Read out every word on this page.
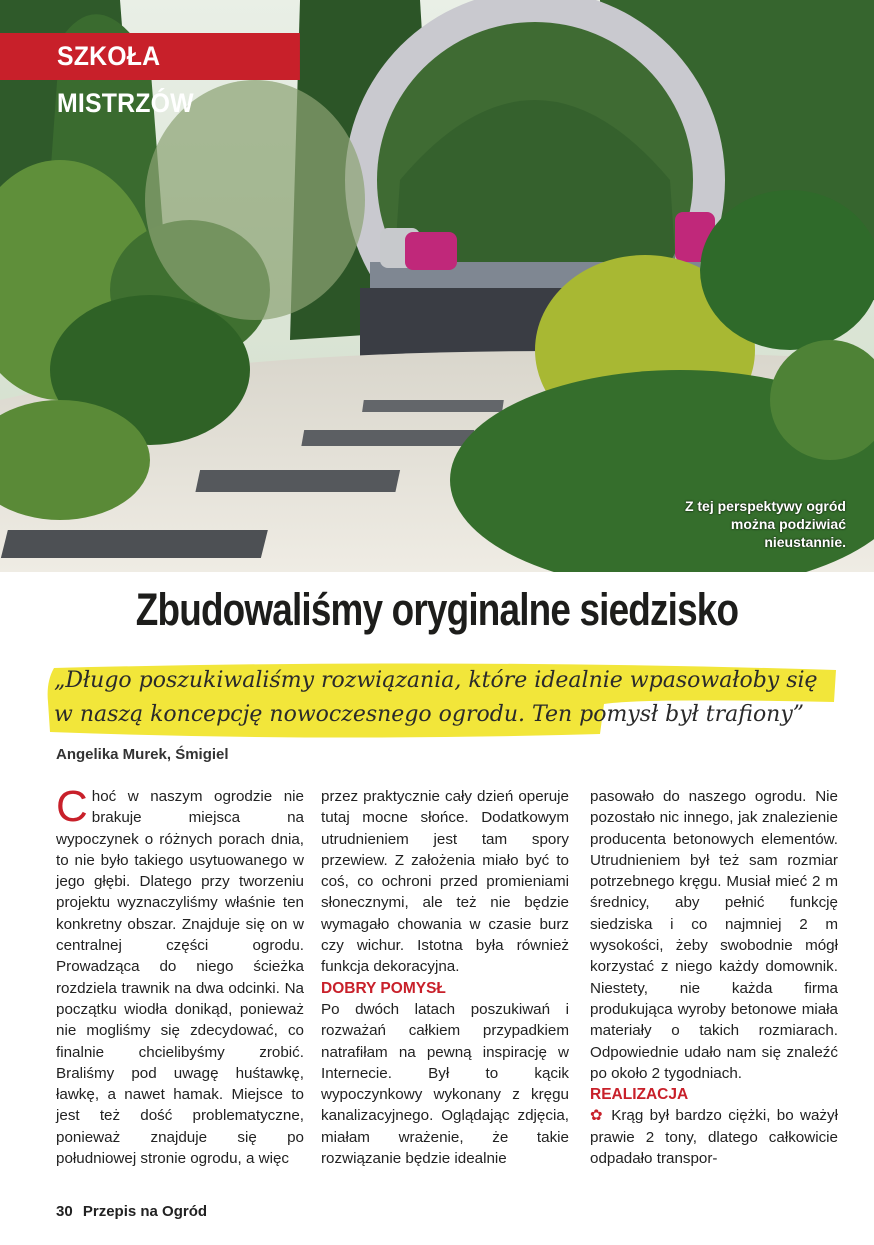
SZKOŁA MISTRZÓW
Z tej perspektywy ogród można podziwiać nieustannie.
Zbudowaliśmy oryginalne siedzisko
„Długo poszukiwaliśmy rozwiązania, które idealnie wpasowałoby się w naszą koncepcję nowoczesnego ogrodu. Ten pomysł był trafiony”
Angelika Murek, Śmigiel

Choć w naszym ogrodzie nie brakuje miejsca na wypoczynek o różnych porach dnia, to nie było takiego usytuowanego w jego głębi. Dlatego przy tworzeniu projektu wyznaczyliśmy właśnie ten konkretny obszar. Znajduje się on w centralnej części ogrodu. Prowadząca do niego ścieżka rozdziela trawnik na dwa odcinki. Na początku wiodła donikąd, ponieważ nie mogliśmy się zdecydować, co finalnie chcielibyśmy zrobić. Braliśmy pod uwagę huśtawkę, ławkę, a nawet hamak. Miejsce to jest też dość problematyczne, ponieważ znajduje się po południowej stronie ogrodu, a więc

przez praktycznie cały dzień operuje tutaj mocne słońce. Dodatkowym utrudnieniem jest tam spory przewiew. Z założenia miało być to coś, co ochroni przed promieniami słonecznymi, ale też nie będzie wymagało chowania w czasie burz czy wichur. Istotna była również funkcja dekoracyjna.

DOBRY POMYSŁ

Po dwóch latach poszukiwań i rozważań całkiem przypadkiem natrafiłam na pewną inspirację w Internecie. Był to kącik wypoczynkowy wykonany z kręgu kanalizacyjnego. Oglądając zdjęcia, miałam wrażenie, że takie rozwiązanie będzie idealnie

pasowało do naszego ogrodu. Nie pozostało nic innego, jak znalezienie producenta betonowych elementów. Utrudnieniem był też sam rozmiar potrzebnego kręgu. Musiał mieć 2 m średnicy, aby pełnić funkcję siedziska i co najmniej 2 m wysokości, żeby swobodnie mógł korzystać z niego każdy domownik. Niestety, nie każda firma produkująca wyroby betonowe miała materiały o takich rozmiarach. Odpowiednie udało nam się znaleźć po około 2 tygodniach.

REALIZACJA

✿ Krąg był bardzo ciężki, bo ważył prawie 2 tony, dlatego całkowicie odpadało transpor-

30 Przepis na Ogród
